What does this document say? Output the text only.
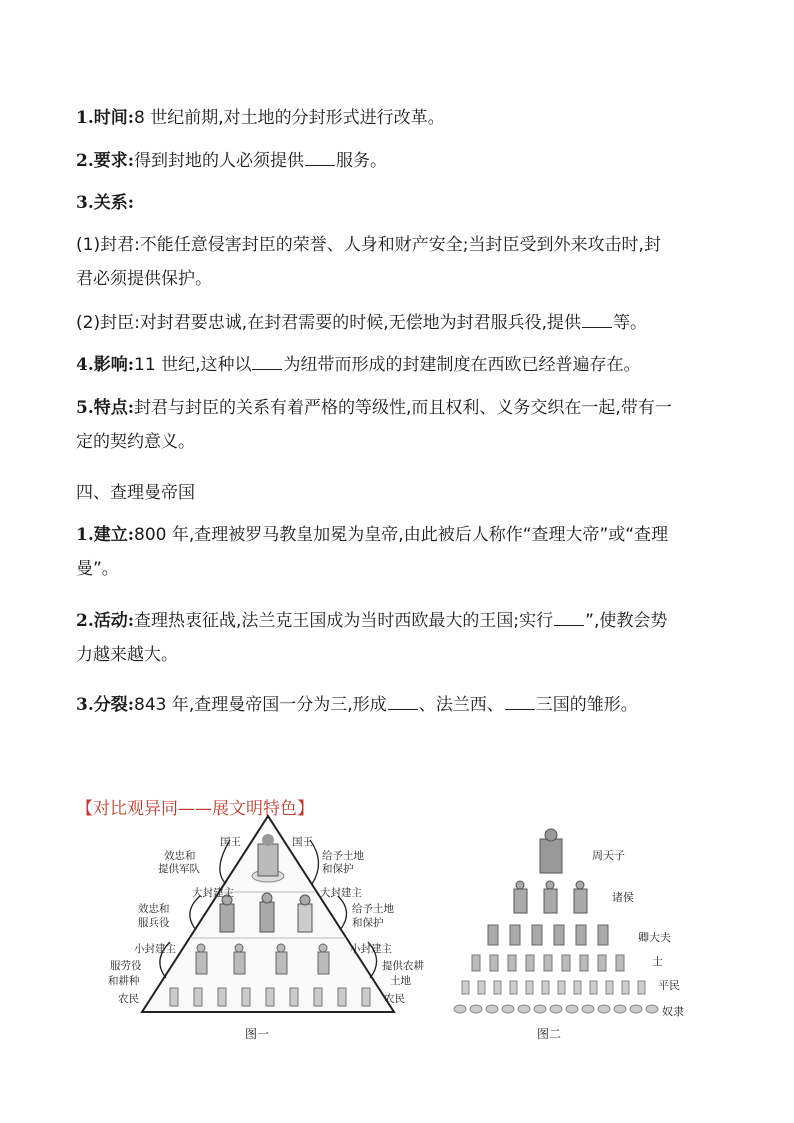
1.时间:8 世纪前期,对土地的分封形式进行改革。
2.要求:得到封地的人必须提供 服务。
3.关系:
(1)封君:不能任意侵害封臣的荣誉、人身和财产安全;当封臣受到外来攻击时,封
君必须提供保护。
(2)封臣:对封君要忠诚,在封君需要的时候,无偿地为封君服兵役,提供 等。
4.影响:11 世纪,这种以 为纽带而形成的封建制度在西欧已经普遍存在。
5.特点:封君与封臣的关系有着严格的等级性,而且权利、义务交织在一起,带有一
定的契约意义。
四、查理曼帝国
1.建立:800 年,查理被罗马教皇加冕为皇帝,由此被后人称作“查理大帝”或“查理
曼”。
2.活动:查理热衷征战,法兰克王国成为当时西欧最大的王国;实行 ”,使教会势
力越来越大。
3.分裂:843 年,查理曼帝国一分为三,形成 、法兰西、 三国的雏形。
【对比观异同——展文明特色】
国王
效忠和
提供军队
大封建主
效忠和
服兵役
小封建主
服劳役
和耕种
农民
国王
给予土地
和保护
大封建主
给予土地
和保护
小封建主
提供农耕
土地
农民
图一
周天子
诸侯
卿大夫
士
平民
奴隶
图二
